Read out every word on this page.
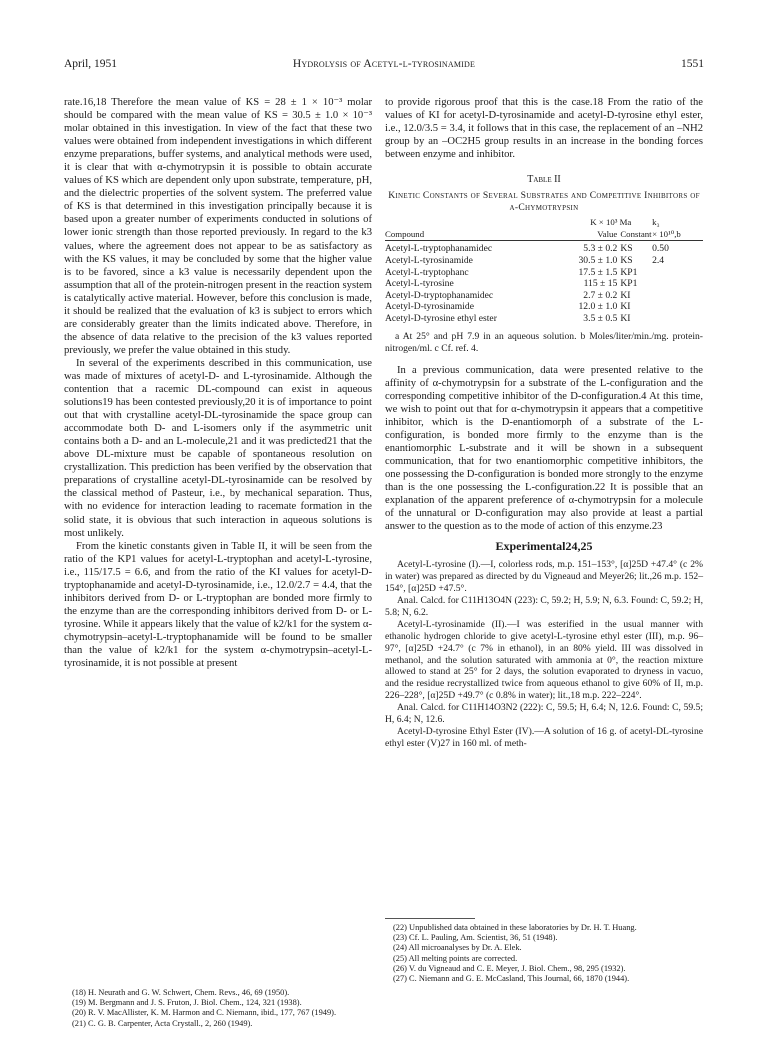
April, 1951	Hydrolysis of Acetyl-l-tyrosinamide	1551

rate.16,18 Therefore the mean value of KS = 28 ± 1 × 10⁻³ molar should be compared with the mean value of KS = 30.5 ± 1.0 × 10⁻³ molar obtained in this investigation. In view of the fact that these two values were obtained from independent investigations in which different enzyme preparations, buffer systems, and analytical methods were used, it is clear that with α-chymotrypsin it is possible to obtain accurate values of KS which are dependent only upon substrate, temperature, pH, and the dielectric properties of the solvent system. The preferred value of KS is that determined in this investigation principally because it is based upon a greater number of experiments conducted in solutions of lower ionic strength than those reported previously. In regard to the k3 values, where the agreement does not appear to be as satisfactory as with the KS values, it may be concluded by some that the higher value is to be favored, since a k3 value is necessarily dependent upon the assumption that all of the protein-nitrogen present in the reaction system is catalytically active material. However, before this conclusion is made, it should be realized that the evaluation of k3 is subject to errors which are considerably greater than the limits indicated above. Therefore, in the absence of data relative to the precision of the k3 values reported previously, we prefer the value obtained in this study.

In several of the experiments described in this communication, use was made of mixtures of acetyl-D- and L-tyrosinamide. Although the contention that a racemic DL-compound can exist in aqueous solutions19 has been contested previously,20 it is of importance to point out that with crystalline acetyl-DL-tyrosinamide the space group can accommodate both D- and L-isomers only if the asymmetric unit contains both a D- and an L-molecule,21 and it was predicted21 that the above DL-mixture must be capable of spontaneous resolution on crystallization. This prediction has been verified by the observation that preparations of crystalline acetyl-DL-tyrosinamide can be resolved by the classical method of Pasteur, i.e., by mechanical separation. Thus, with no evidence for interaction leading to racemate formation in the solid state, it is obvious that such interaction in aqueous solutions is most unlikely.

From the kinetic constants given in Table II, it will be seen from the ratio of the KP1 values for acetyl-L-tryptophan and acetyl-L-tyrosine, i.e., 115/17.5 = 6.6, and from the ratio of the KI values for acetyl-D-tryptophanamide and acetyl-D-tyrosinamide, i.e., 12.0/2.7 = 4.4, that the inhibitors derived from D- or L-tryptophan are bonded more firmly to the enzyme than are the corresponding inhibitors derived from D- or L-tyrosine. While it appears likely that the value of k2/k1 for the system α-chymotrypsin–acetyl-L-tryptophanamide will be found to be smaller than the value of k2/k1 for the system α-chymotrypsin–acetyl-L-tyrosinamide, it is not possible at present

(18) H. Neurath and G. W. Schwert, Chem. Revs., 46, 69 (1950).

(19) M. Bergmann and J. S. Fruton, J. Biol. Chem., 124, 321 (1938).

(20) R. V. MacAllister, K. M. Harmon and C. Niemann, ibid., 177, 767 (1949).

(21) C. G. B. Carpenter, Acta Crystall., 2, 260 (1949).

to provide rigorous proof that this is the case.18 From the ratio of the values of KI for acetyl-D-tyrosinamide and acetyl-D-tyrosine ethyl ester, i.e., 12.0/3.5 = 3.4, it follows that in this case, the replacement of an –NH2 group by an –OC2H5 group results in an increase in the bonding forces between enzyme and inhibitor.

Table II
Kinetic Constants of Several Substrates and Competitive Inhibitors of α-Chymotrypsin
	K × 10³ Ma		k₃
Compound	Value	Constant	× 10¹⁰,b

Acetyl-L-tryptophanamidec	5.3 ± 0.2	KS	0.50
Acetyl-L-tyrosinamide	30.5 ± 1.0	KS	2.4
Acetyl-L-tryptophanc	17.5 ± 1.5	KP1	
Acetyl-L-tyrosine	115 ± 15	KP1	
Acetyl-D-tryptophanamidec	2.7 ± 0.2	KI	
Acetyl-D-tyrosinamide	12.0 ± 1.0	KI	
Acetyl-D-tyrosine ethyl ester	3.5 ± 0.5	KI	
a At 25° and pH 7.9 in an aqueous solution. b Moles/liter/min./mg. protein-nitrogen/ml. c Cf. ref. 4.

In a previous communication, data were presented relative to the affinity of α-chymotrypsin for a substrate of the L-configuration and the corresponding competitive inhibitor of the D-configuration.4 At this time, we wish to point out that for α-chymotrypsin it appears that a competitive inhibitor, which is the D-enantiomorph of a substrate of the L-configuration, is bonded more firmly to the enzyme than is the enantiomorphic L-substrate and it will be shown in a subsequent communication, that for two enantiomorphic competitive inhibitors, the one possessing the D-configuration is bonded more strongly to the enzyme than is the one possessing the L-configuration.22 It is possible that an explanation of the apparent preference of α-chymotrypsin for a molecule of the unnatural or D-configuration may also provide at least a partial answer to the question as to the mode of action of this enzyme.23

Experimental24,25

Acetyl-L-tyrosine (I).—I, colorless rods, m.p. 151–153°, [α]25D +47.4° (c 2% in water) was prepared as directed by du Vigneaud and Meyer26; lit.,26 m.p. 152–154°, [α]25D +47.5°.

Anal. Calcd. for C11H13O4N (223): C, 59.2; H, 5.9; N, 6.3. Found: C, 59.2; H, 5.8; N, 6.2.

Acetyl-L-tyrosinamide (II).—I was esterified in the usual manner with ethanolic hydrogen chloride to give acetyl-L-tyrosine ethyl ester (III), m.p. 96–97°, [α]25D +24.7° (c 7% in ethanol), in an 80% yield. III was dissolved in methanol, and the solution saturated with ammonia at 0°, the reaction mixture allowed to stand at 25° for 2 days, the solution evaporated to dryness in vacuo, and the residue recrystallized twice from aqueous ethanol to give 60% of II, m.p. 226–228°, [α]25D +49.7° (c 0.8% in water); lit.,18 m.p. 222–224°.

Anal. Calcd. for C11H14O3N2 (222): C, 59.5; H, 6.4; N, 12.6. Found: C, 59.5; H, 6.4; N, 12.6.

Acetyl-D-tyrosine Ethyl Ester (IV).—A solution of 16 g. of acetyl-DL-tyrosine ethyl ester (V)27 in 160 ml. of meth-

(22) Unpublished data obtained in these laboratories by Dr. H. T. Huang.

(23) Cf. L. Pauling, Am. Scientist, 36, 51 (1948).

(24) All microanalyses by Dr. A. Elek.

(25) All melting points are corrected.

(26) V. du Vigneaud and C. E. Meyer, J. Biol. Chem., 98, 295 (1932).

(27) C. Niemann and G. E. McCasland, This Journal, 66, 1870 (1944).
